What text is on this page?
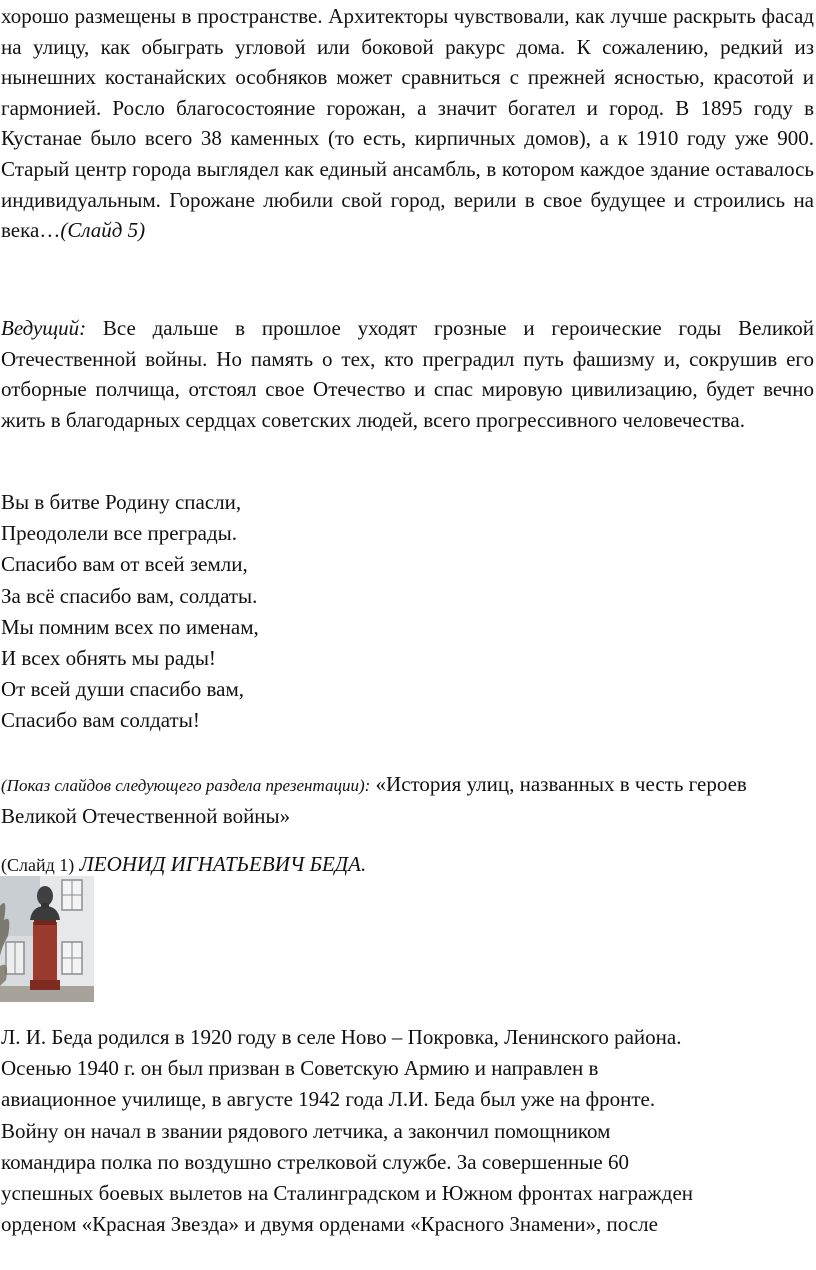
хорошо размещены в пространстве. Архитекторы чувствовали, как лучше раскрыть фасад на улицу, как обыграть угловой или боковой ракурс дома. К сожалению, редкий из нынешних костанайских особняков может сравниться с прежней ясностью, красотой и гармонией. Росло благосостояние горожан, а значит богател и город. В 1895 году в Кустанае было всего 38 каменных (то есть, кирпичных домов), а к 1910 году уже 900. Старый центр города выглядел как единый ансамбль, в котором каждое здание оставалось индивидуальным. Горожане любили свой город, верили в свое будущее и строились на века…(Слайд 5)

Ведущий: Все дальше в прошлое уходят грозные и героические годы Великой Отечественной войны. Но память о тех, кто преградил путь фашизму и, сокрушив его отборные полчища, отстоял свое Отечество и спас мировую цивилизацию, будет вечно жить в благодарных сердцах советских людей, всего прогрессивного человечества.

Вы в битве Родину спасли,
Преодолели все преграды.
Спасибо вам от всей земли,
За всё спасибо вам, солдаты.
Мы помним всех по именам,
И всех обнять мы рады!
От всей души спасибо вам,
Спасибо вам солдаты!

(Показ слайдов следующего раздела презентации): «История улиц, названных в честь героев Великой Отечественной войны»

(Слайд 1) ЛЕОНИД ИГНАТЬЕВИЧ БЕДА.

Л. И. Беда родился в 1920 году в селе Ново – Покровка, Ленинского района.
Осенью 1940 г. он был призван в Советскую Армию и направлен в
авиационное училище, в августе 1942 года Л.И. Беда был уже на фронте.
Войну он начал в звании рядового летчика, а закончил помощником
командира полка по воздушно стрелковой службе. За совершенные 60
успешных боевых вылетов на Сталинградском и Южном фронтах награжден
орденом «Красная Звезда» и двумя орденами «Красного Знамени», после
